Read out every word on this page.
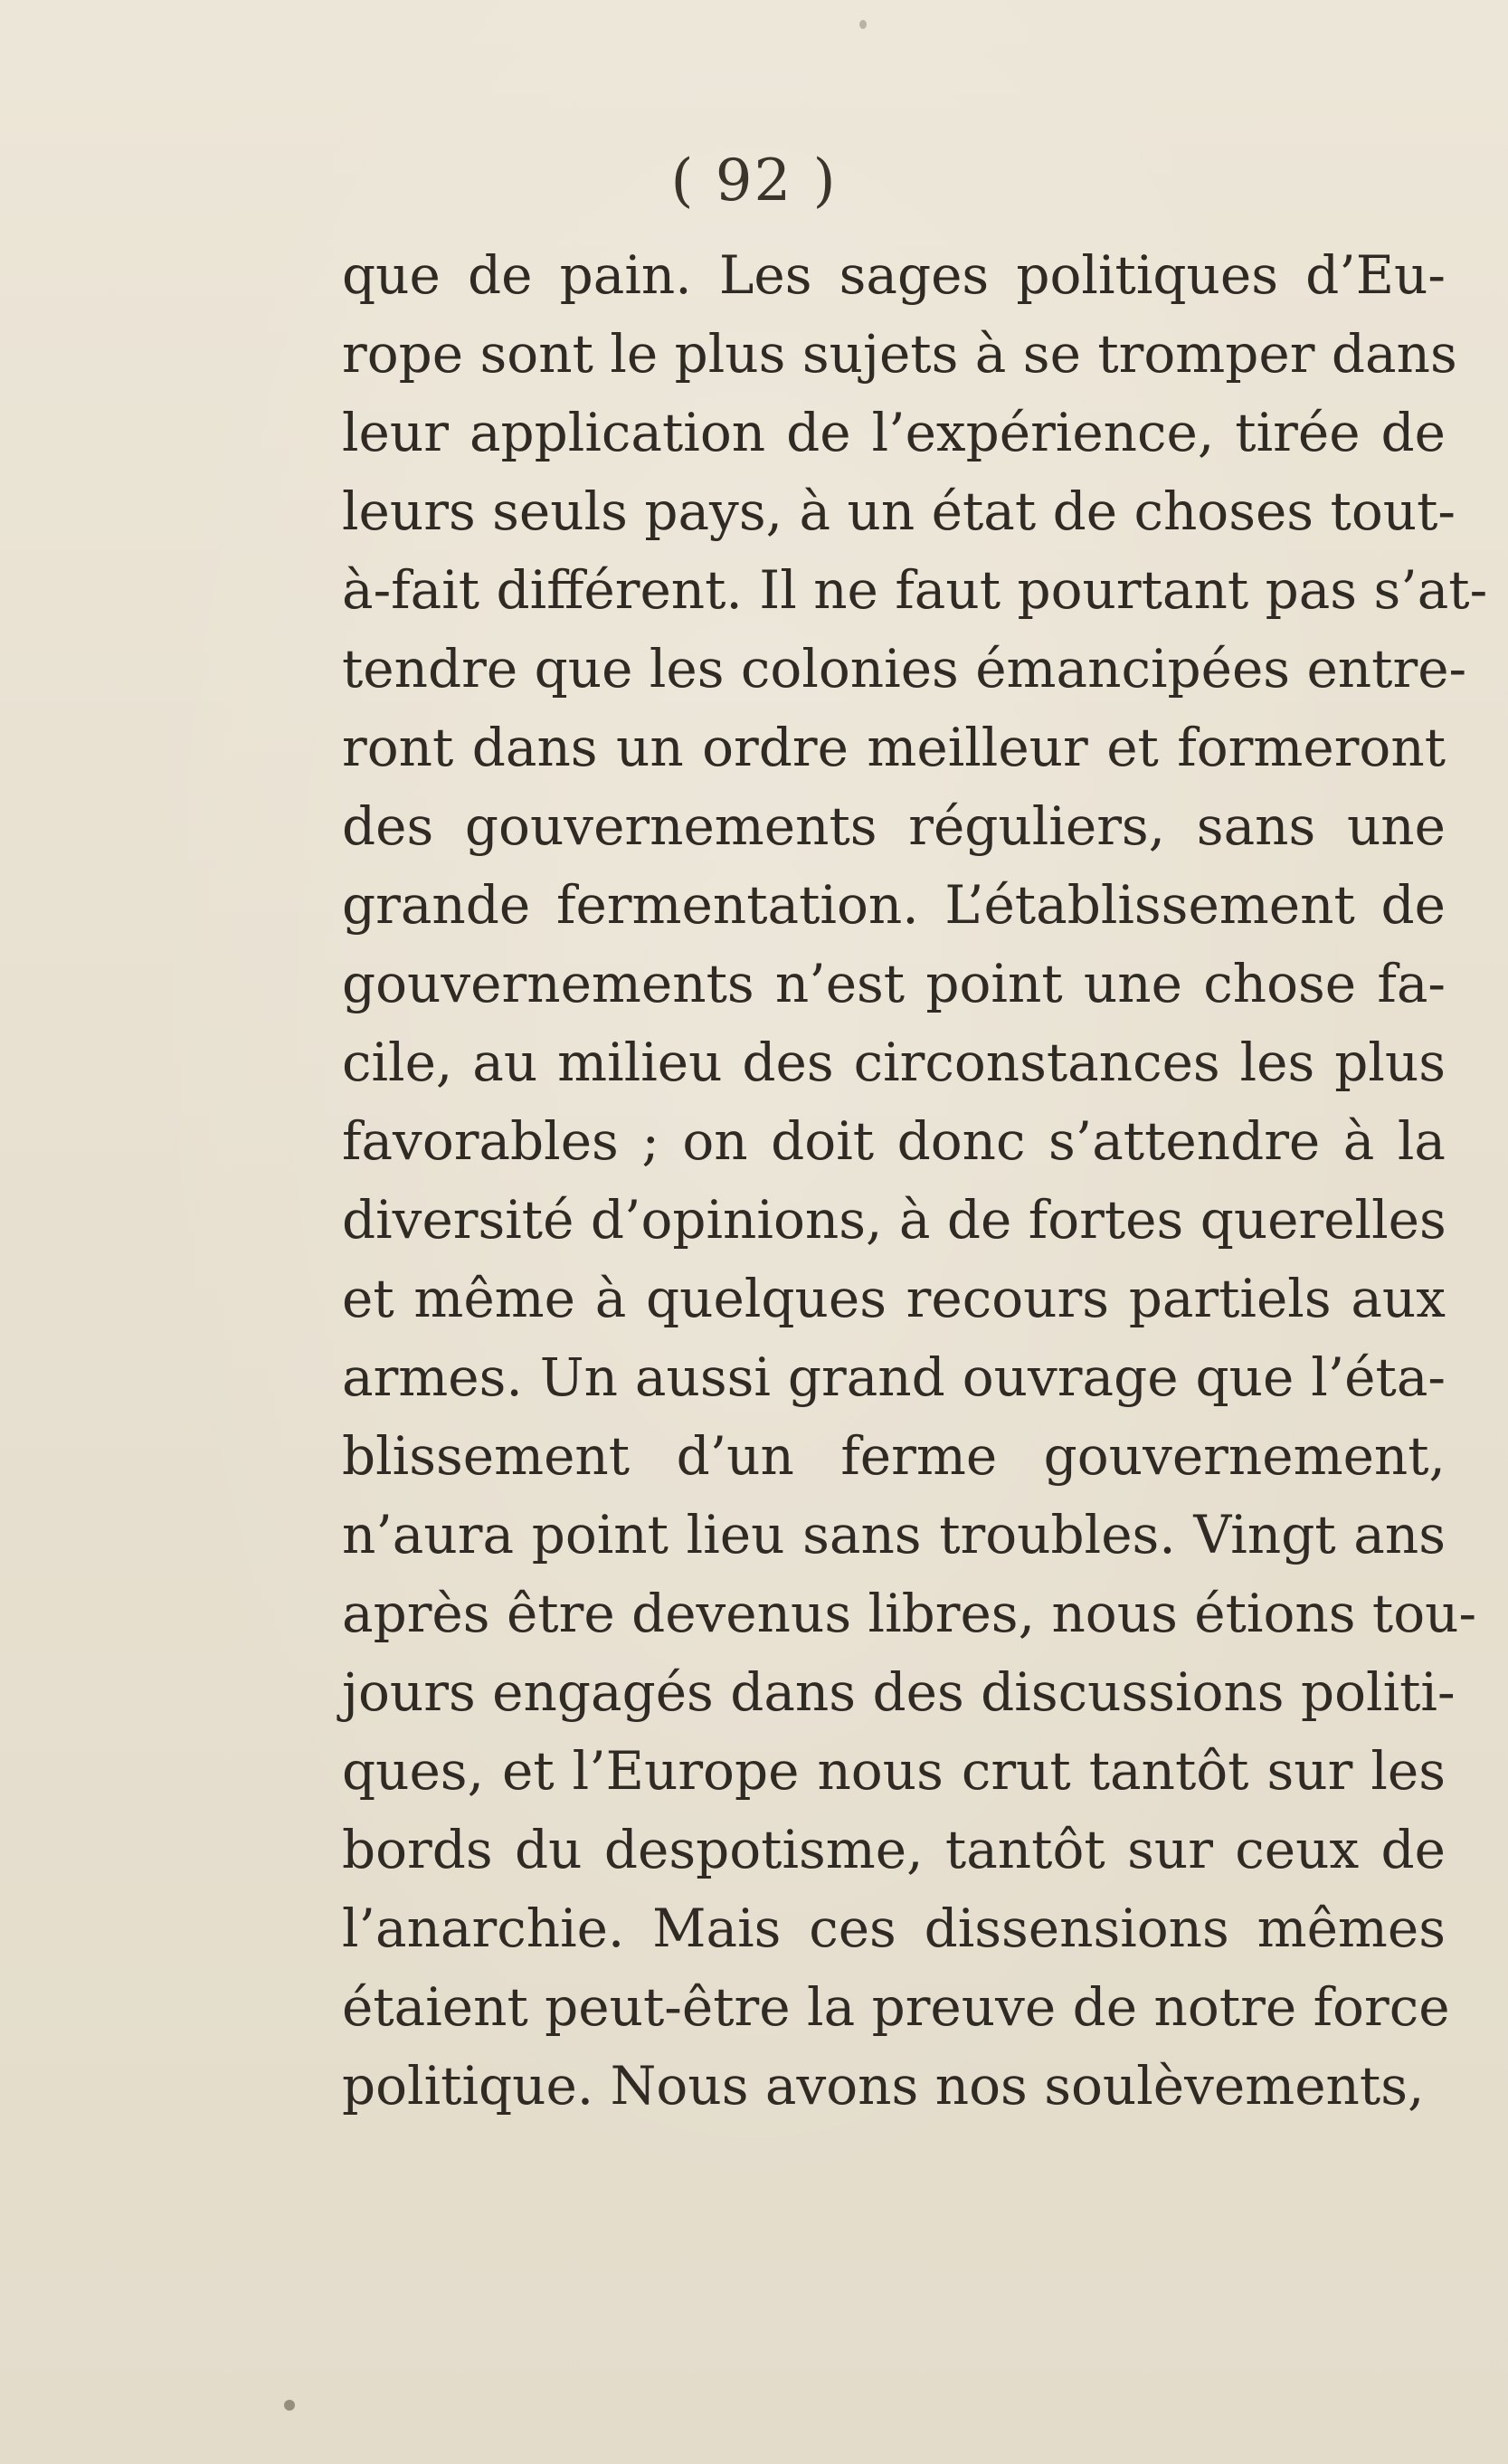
( 92 )
que de pain. Les sages politiques d’Eu-
rope sont le plus sujets à se tromper dans
leur application de l’expérience, tirée de
leurs seuls pays, à un état de choses tout-
à-fait différent. Il ne faut pourtant pas s’at-
tendre que les colonies émancipées entre-
ront dans un ordre meilleur et formeront
des gouvernements réguliers, sans une
grande fermentation. L’établissement de
gouvernements n’est point une chose fa-
cile, au milieu des circonstances les plus
favorables ; on doit donc s’attendre à la
diversité d’opinions, à de fortes querelles
et même à quelques recours partiels aux
armes. Un aussi grand ouvrage que l’éta-
blissement d’un ferme gouvernement,
n’aura point lieu sans troubles. Vingt ans
après être devenus libres, nous étions tou-
jours engagés dans des discussions politi-
ques, et l’Europe nous crut tantôt sur les
bords du despotisme, tantôt sur ceux de
l’anarchie. Mais ces dissensions mêmes
étaient peut-être la preuve de notre force
politique. Nous avons nos soulèvements,
